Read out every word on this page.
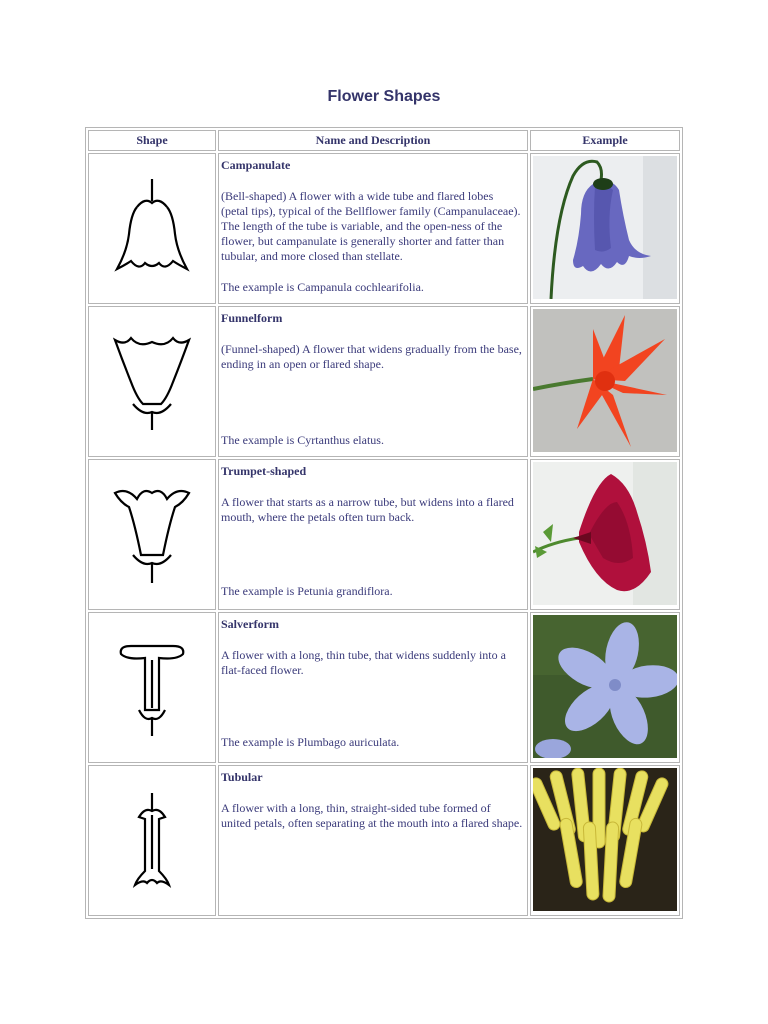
Flower Shapes
Shape	Name and Description	Example

Campanulate
(Bell-shaped) A flower with a wide tube and flared lobes (petal tips), typical of the Bellflower family (Campanulaceae). The length of the tube is variable, and the open-ness of the flower, but campanulate is generally shorter and fatter than tubular, and more closed than stellate.
The example is Campanula cochlearifolia.

Funnelform
(Funnel-shaped) A flower that widens gradually from the base, ending in an open or flared shape.
The example is Cyrtanthus elatus.

Trumpet-shaped
A flower that starts as a narrow tube, but widens into a flared mouth, where the petals often turn back.
The example is Petunia grandiflora.

Salverform
A flower with a long, thin tube, that widens suddenly into a flat-faced flower.
The example is Plumbago auriculata.

Tubular
A flower with a long, thin, straight-sided tube formed of united petals, often separating at the mouth into a flared shape.
